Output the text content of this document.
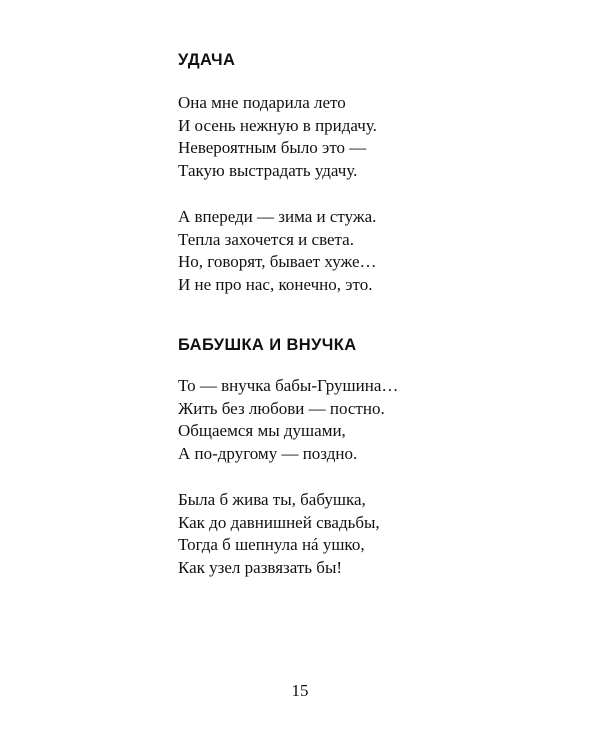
УДАЧА
Она мне подарила лето
И осень нежную в придачу.
Невероятным было это —
Такую выстрадать удачу.
А впереди — зима и стужа.
Тепла захочется и света.
Но, говорят, бывает хуже…
И не про нас, конечно, это.
БАБУШКА И ВНУЧКА
То — внучка бабы-Грушина…
Жить без любови — постно.
Общаемся мы душами,
А по-другому — поздно.
Была б жива ты, бабушка,
Как до давнишней свадьбы,
Тогда б шепнула нá ушко,
Как узел развязать бы!
15
